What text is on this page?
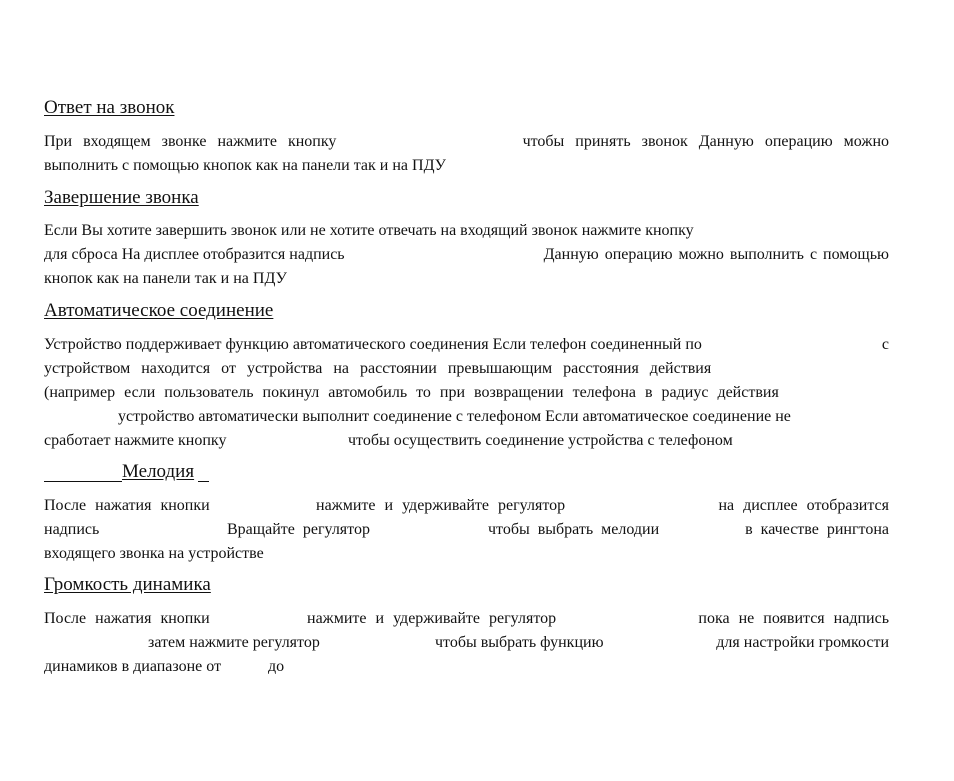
Ответ на звонок
При входящем звонке нажмите кнопку	чтобы принять звонок Данную операцию можно
выполнить с помощью кнопок как на панели так и на ПДУ
Завершение звонка
Если Вы хотите завершить звонок или не хотите отвечать на входящий звонок нажмите кнопку
для сброса На дисплее отобразится надпись	Данную операцию можно выполнить с помощью
кнопок как на панели так и на ПДУ
Автоматическое соединение
Устройство поддерживает функцию автоматического соединения Если телефон соединенный по	с
устройством находится от устройства на расстоянии превышающим расстояния действия
(например если пользователь покинул автомобиль то при возвращении телефона в радиус действия
устройство автоматически выполнит соединение с телефоном Если автоматическое соединение не
сработает нажмите кнопку	чтобы осуществить соединение устройства с телефоном
Мелодия
После нажатия кнопки	нажмите и удерживайте регулятор	на дисплее отобразится
надпись	Вращайте регулятор	чтобы выбрать мелодии	в качестве рингтона
входящего звонка на устройстве
Громкость динамика
После нажатия кнопки	нажмите и удерживайте регулятор	пока не появится надпись
затем нажмите регулятор	чтобы выбрать функцию	для настройки громкости
динамиков в диапазоне от	до
